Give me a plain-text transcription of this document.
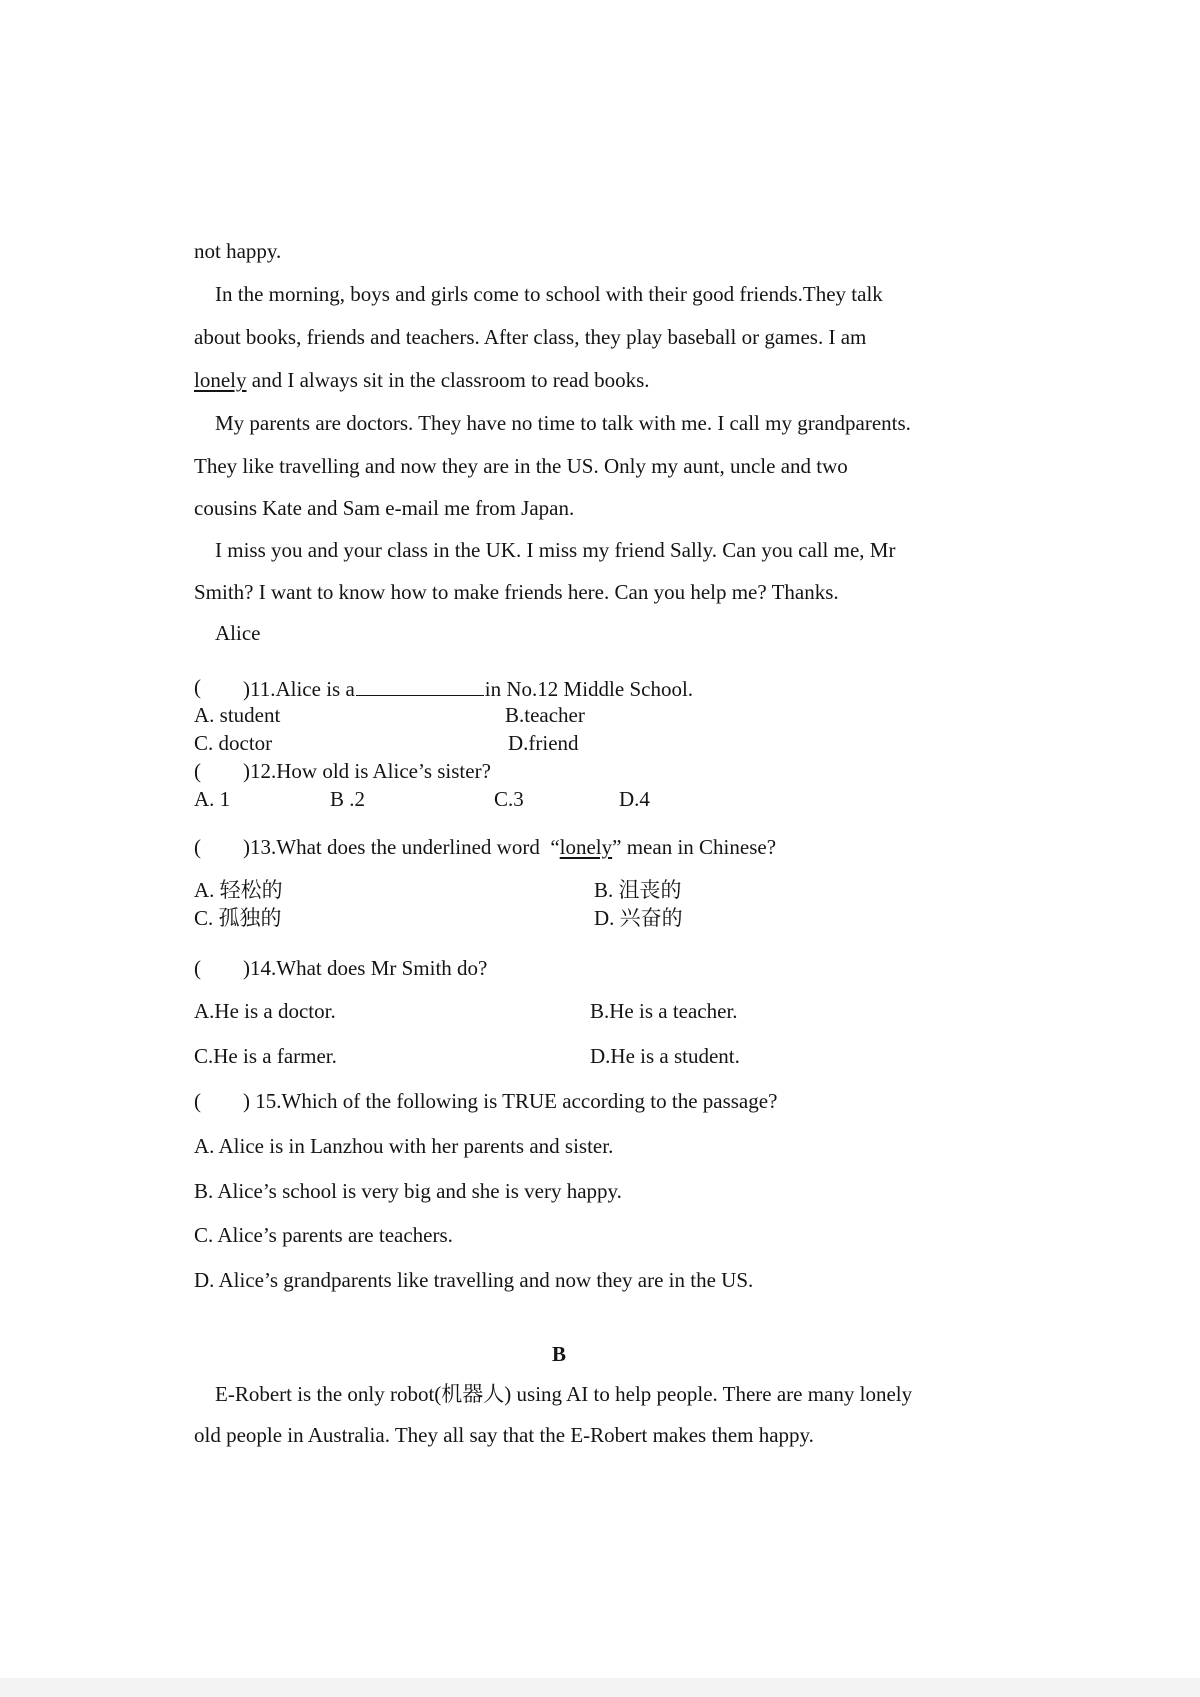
not happy.
In the morning, boys and girls come to school with their good friends.They talk
about books, friends and teachers. After class, they play baseball or games. I am
lonely and I always sit in the classroom to read books.
My parents are doctors. They have no time to talk with me. I call my grandparents.
They like travelling and now they are in the US. Only my aunt, uncle and two
cousins Kate and Sam e-mail me from Japan.
I miss you and your class in the UK. I miss my friend Sally. Can you call me, Mr
Smith? I want to know how to make friends here. Can you help me? Thanks.
Alice
( )11.Alice is a	in No.12 Middle School.
A. student	B.teacher
C. doctor	D.friend
( )12.How old is Alice’s sister?
A. 1	B .2	C.3	D.4
( )13.What does the underlined word  “lonely” mean in Chinese?
A. 轻松的	B. 沮丧的
C. 孤独的	D. 兴奋的
( )14.What does Mr Smith do?
A.He is a doctor.	B.He is a teacher.
C.He is a farmer.	D.He is a student.
( ) 15.Which of the following is TRUE according to the passage?
A. Alice is in Lanzhou with her parents and sister.
B. Alice’s school is very big and she is very happy.
C. Alice’s parents are teachers.
D. Alice’s grandparents like travelling and now they are in the US.
B
E-Robert is the only robot(机器人) using AI to help people. There are many lonely
old people in Australia. They all say that the E-Robert makes them happy.
